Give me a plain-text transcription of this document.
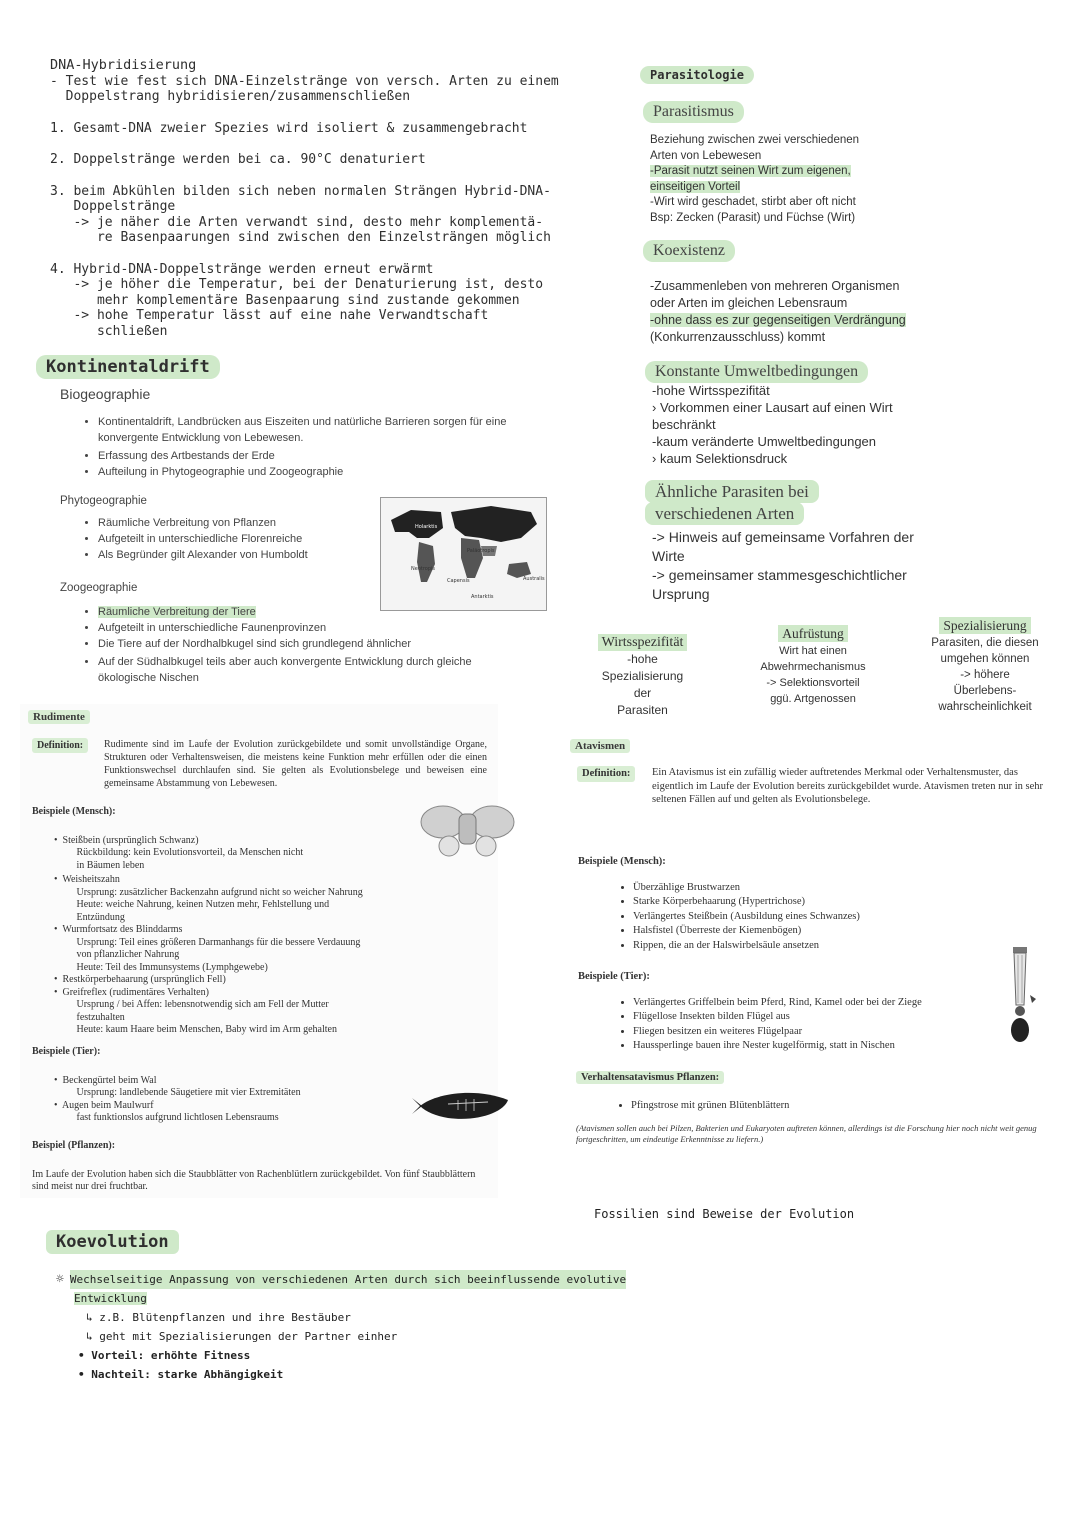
DNA-Hybridisierung
- Test wie fest sich DNA-Einzelstränge von versch. Arten zu einem
Doppelstrang hybridisieren/zusammenschließen
1. Gesamt-DNA zweier Spezies wird isoliert & zusammengebracht
2. Doppelstränge werden bei ca. 90°C denaturiert
3. beim Abkühlen bilden sich neben normalen Strängen Hybrid-DNA-
Doppelstränge
-> je näher die Arten verwandt sind, desto mehr komplementä-
re Basenpaarungen sind zwischen den Einzelsträngen möglich
4. Hybrid-DNA-Doppelstränge werden erneut erwärmt
-> je höher die Temperatur, bei der Denaturierung ist, desto
mehr komplementäre Basenpaarung sind zustande gekommen
-> hohe Temperatur lässt auf eine nahe Verwandtschaft
schließen
Kontinentaldrift
Biogeographie
• Kontinentaldrift, Landbrücken aus Eiszeiten und natürliche Barrieren sorgen für eine konvergente Entwicklung von Lebewesen.
• Erfassung des Artbestands der Erde
• Aufteilung in Phytogeographie und Zoogeographie
Phytogeographie
• Räumliche Verbreitung von Pflanzen
• Aufgeteilt in unterschiedliche Florenreiche
• Als Begründer gilt Alexander von Humboldt
Holarktis
Neotropis
Paläotropis
Capensis	Australis
Antarktis
Zoogeographie
• Räumliche Verbreitung der Tiere
• Aufgeteilt in unterschiedliche Faunenprovinzen
• Die Tiere auf der Nordhalbkugel sind sich grundlegend ähnlicher
• Auf der Südhalbkugel teils aber auch konvergente Entwicklung durch gleiche ökologische Nischen
Rudimente
Definition:	Rudimente sind im Laufe der Evolution zurückgebildete und somit unvollständige Organe, Strukturen oder Verhaltensweisen, die meistens keine Funktion mehr erfüllen oder die einen Funktionswechsel durchlaufen sind. Sie gelten als Evolutionsbelege und beweisen eine gemeinsame Abstammung von Lebewesen.
Beispiele (Mensch):
•  Steißbein (ursprünglich Schwanz)
Rückbildung: kein Evolutionsvorteil, da Menschen nicht
in Bäumen leben
•  Weisheitszahn
Ursprung: zusätzlicher Backenzahn aufgrund nicht so weicher Nahrung
Heute: weiche Nahrung, keinen Nutzen mehr, Fehlstellung und
Entzündung
•  Wurmfortsatz des Blinddarms
Ursprung: Teil eines größeren Darmanhangs für die bessere Verdauung
von pflanzlicher Nahrung
Heute: Teil des Immunsystems (Lymphgewebe)
•  Restkörperbehaarung (ursprünglich Fell)
•  Greifreflex (rudimentäres Verhalten)
Ursprung / bei Affen: lebensnotwendig sich am Fell der Mutter
festzuhalten
Heute: kaum Haare beim Menschen, Baby wird im Arm gehalten
Beispiele (Tier):
•  Beckengürtel beim Wal
Ursprung: landlebende Säugetiere mit vier Extremitäten
•  Augen beim Maulwurf
fast funktionslos aufgrund lichtlosen Lebensraums
Beispiel (Pflanzen):
Im Laufe der Evolution haben sich die Staubblätter von Rachenblütlern zurückgebildet. Von fünf Staubblättern sind meist nur drei fruchtbar.
Koevolution
☼ Wechselseitige Anpassung von verschiedenen Arten durch sich beeinflussende evolutive
Entwicklung
↳ z.B. Blütenpflanzen und ihre Bestäuber
↳ geht mit Spezialisierungen der Partner einher
• Vorteil: erhöhte Fitness
• Nachteil: starke Abhängigkeit
Parasitologie
Parasitismus
Beziehung zwischen zwei verschiedenen
Arten von Lebewesen
-Parasit nutzt seinen Wirt zum eigenen,
einseitigen Vorteil
-Wirt wird geschadet, stirbt aber oft nicht
Bsp: Zecken (Parasit) und Füchse (Wirt)
Koexistenz
-Zusammenleben von mehreren Organismen
oder Arten im gleichen Lebensraum
-ohne dass es zur gegenseitigen Verdrängung
(Konkurrenzausschluss) kommt
Konstante Umweltbedingungen
-hohe Wirtsspezifität
› Vorkommen einer Lausart auf einen Wirt
beschränkt
-kaum veränderte Umweltbedingungen
› kaum Selektionsdruck
Ähnliche Parasiten bei
verschiedenen Arten
-> Hinweis auf gemeinsame Vorfahren der
Wirte
-> gemeinsamer stammesgeschichtlicher
Ursprung
Wirtsspezifität
-hohe
Spezialisierung
der
Parasiten
Aufrüstung
Wirt hat einen
Abwehrmechanismus
-> Selektionsvorteil
ggü. Artgenossen
Spezialisierung
Parasiten, die diesen
umgehen können
-> höhere
Überlebens-
wahrscheinlichkeit
Atavismen
Definition:	Ein Atavismus ist ein zufällig wieder auftretendes Merkmal oder Verhaltensmuster, das eigentlich im Laufe der Evolution bereits zurückgebildet wurde. Atavismen treten nur in sehr seltenen Fällen auf und gelten als Evolutionsbelege.
Beispiele (Mensch):
• Überzählige Brustwarzen
• Starke Körperbehaarung (Hypertrichose)
• Verlängertes Steißbein (Ausbildung eines Schwanzes)
• Halsfistel (Überreste der Kiemenbögen)
• Rippen, die an der Halswirbelsäule ansetzen
Beispiele (Tier):
• Verlängertes Griffelbein beim Pferd, Rind, Kamel oder bei der Ziege
• Flügellose Insekten bilden Flügel aus
• Fliegen besitzen ein weiteres Flügelpaar
• Haussperlinge bauen ihre Nester kugelförmig, statt in Nischen
Verhaltensatavismus Pflanzen:
• Pfingstrose mit grünen Blütenblättern
(Atavismen sollen auch bei Pilzen, Bakterien und Eukaryoten auftreten können, allerdings ist die Forschung hier noch nicht weit genug fortgeschritten, um eindeutige Erkenntnisse zu liefern.)
Fossilien sind Beweise der Evolution
